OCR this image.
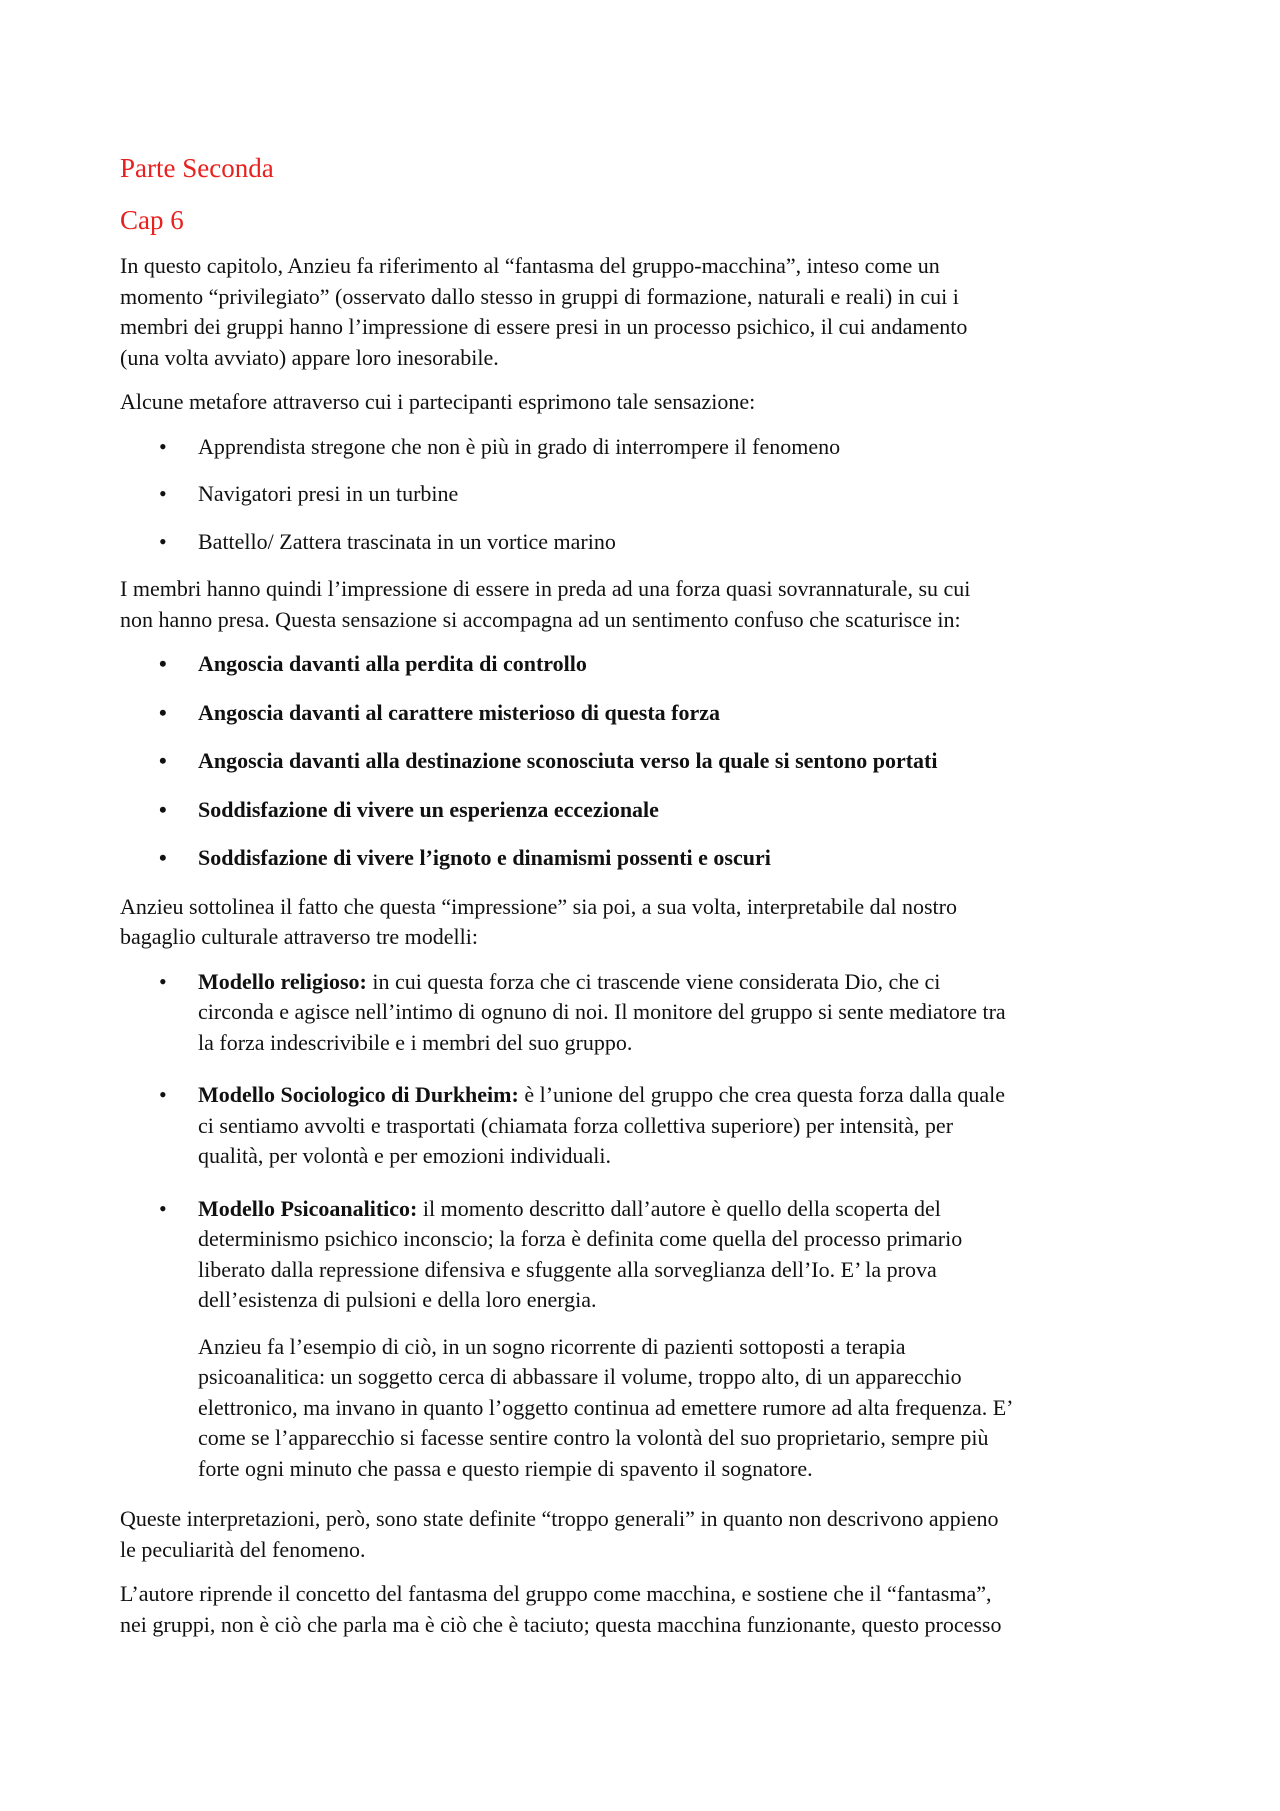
Parte Seconda
Cap 6

In questo capitolo, Anzieu fa riferimento al “fantasma del gruppo-macchina”, inteso come un
momento “privilegiato” (osservato dallo stesso in gruppi di formazione, naturali e reali) in cui i
membri dei gruppi hanno l’impressione di essere presi in un processo psichico, il cui andamento
(una volta avviato) appare loro inesorabile.

Alcune metafore attraverso cui i partecipanti esprimono tale sensazione:

• Apprendista stregone che non è più in grado di interrompere il fenomeno
• Navigatori presi in un turbine
• Battello/ Zattera trascinata in un vortice marino

I membri hanno quindi l’impressione di essere in preda ad una forza quasi sovrannaturale, su cui
non hanno presa. Questa sensazione si accompagna ad un sentimento confuso che scaturisce in:

• Angoscia davanti alla perdita di controllo
• Angoscia davanti al carattere misterioso di questa forza
• Angoscia davanti alla destinazione sconosciuta verso la quale si sentono portati
• Soddisfazione di vivere un esperienza eccezionale
• Soddisfazione di vivere l’ignoto e dinamismi possenti e oscuri

Anzieu sottolinea il fatto che questa “impressione” sia poi, a sua volta, interpretabile dal nostro
bagaglio culturale attraverso tre modelli:

• Modello religioso: in cui questa forza che ci trascende viene considerata Dio, che ci
circonda e agisce nell’intimo di ognuno di noi. Il monitore del gruppo si sente mediatore tra
la forza indescrivibile e i membri del suo gruppo.
• Modello Sociologico di Durkheim: è l’unione del gruppo che crea questa forza dalla quale
ci sentiamo avvolti e trasportati (chiamata forza collettiva superiore) per intensità, per
qualità, per volontà e per emozioni individuali.
• Modello Psicoanalitico: il momento descritto dall’autore è quello della scoperta del
determinismo psichico inconscio; la forza è definita come quella del processo primario
liberato dalla repressione difensiva e sfuggente alla sorveglianza dell’Io. E’ la prova
dell’esistenza di pulsioni e della loro energia.

Anzieu fa l’esempio di ciò, in un sogno ricorrente di pazienti sottoposti a terapia
psicoanalitica: un soggetto cerca di abbassare il volume, troppo alto, di un apparecchio
elettronico, ma invano in quanto l’oggetto continua ad emettere rumore ad alta frequenza. E’
come se l’apparecchio si facesse sentire contro la volontà del suo proprietario, sempre più
forte ogni minuto che passa e questo riempie di spavento il sognatore.

Queste interpretazioni, però, sono state definite “troppo generali” in quanto non descrivono appieno
le peculiarità del fenomeno.

L’autore riprende il concetto del fantasma del gruppo come macchina, e sostiene che il “fantasma”,
nei gruppi, non è ciò che parla ma è ciò che è taciuto; questa macchina funzionante, questo processo
